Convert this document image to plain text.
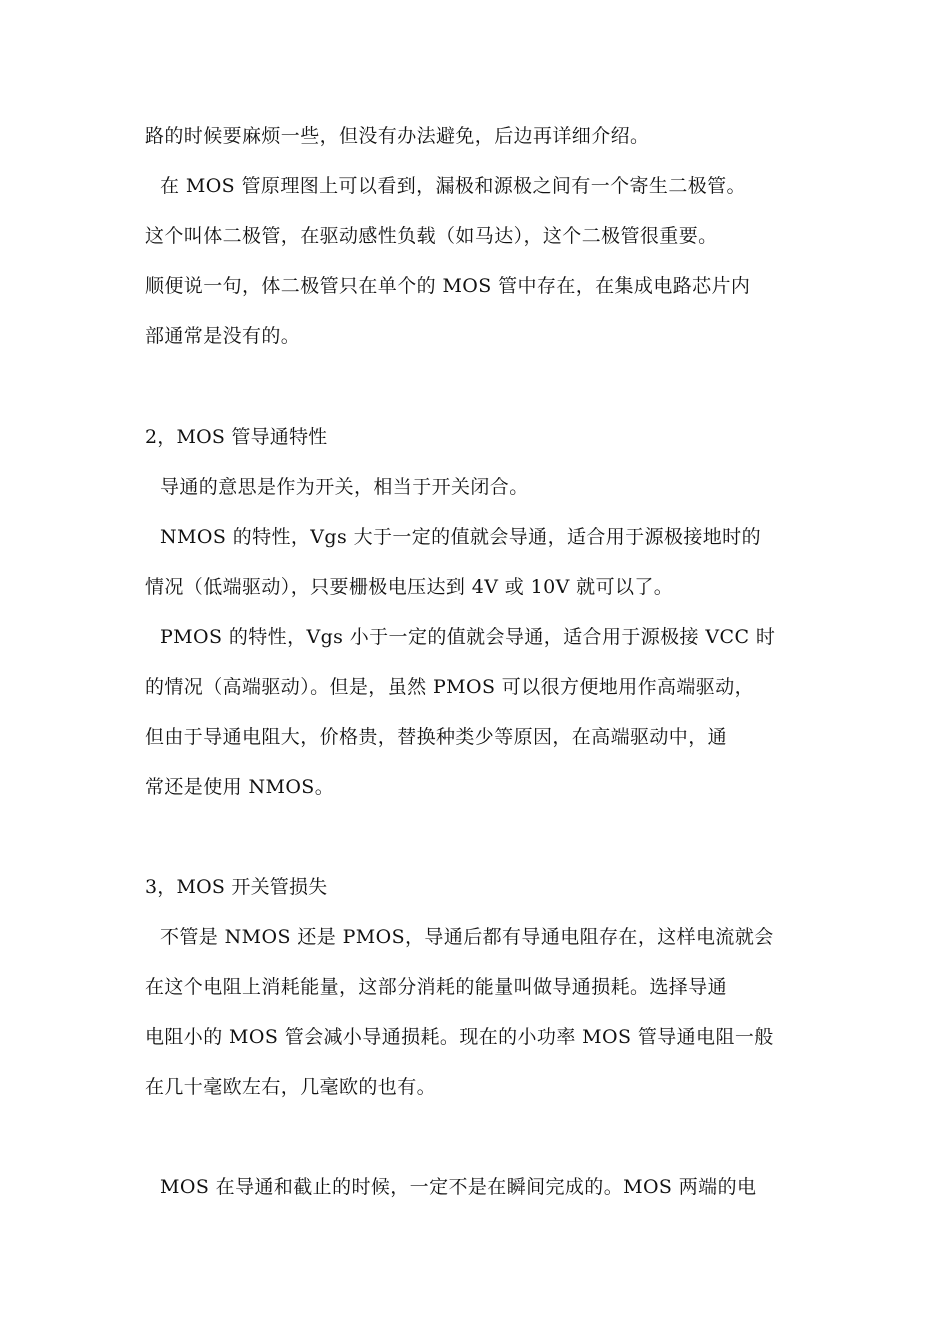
路的时候要麻烦一些，但没有办法避免，后边再详细介绍。
在 MOS 管原理图上可以看到，漏极和源极之间有一个寄生二极管。
这个叫体二极管，在驱动感性负载（如马达），这个二极管很重要。
顺便说一句，体二极管只在单个的 MOS 管中存在，在集成电路芯片内
部通常是没有的。
2，MOS 管导通特性
导通的意思是作为开关，相当于开关闭合。
NMOS 的特性，Vgs 大于一定的值就会导通，适合用于源极接地时的
情况（低端驱动），只要栅极电压达到 4V 或 10V 就可以了。
PMOS 的特性，Vgs 小于一定的值就会导通，适合用于源极接 VCC 时
的情况（高端驱动）。但是，虽然 PMOS 可以很方便地用作高端驱动，
但由于导通电阻大，价格贵，替换种类少等原因，在高端驱动中，通
常还是使用 NMOS。
3，MOS 开关管损失
不管是 NMOS 还是 PMOS，导通后都有导通电阻存在，这样电流就会
在这个电阻上消耗能量，这部分消耗的能量叫做导通损耗。选择导通
电阻小的 MOS 管会减小导通损耗。现在的小功率 MOS 管导通电阻一般
在几十毫欧左右，几毫欧的也有。
MOS 在导通和截止的时候，一定不是在瞬间完成的。MOS 两端的电
